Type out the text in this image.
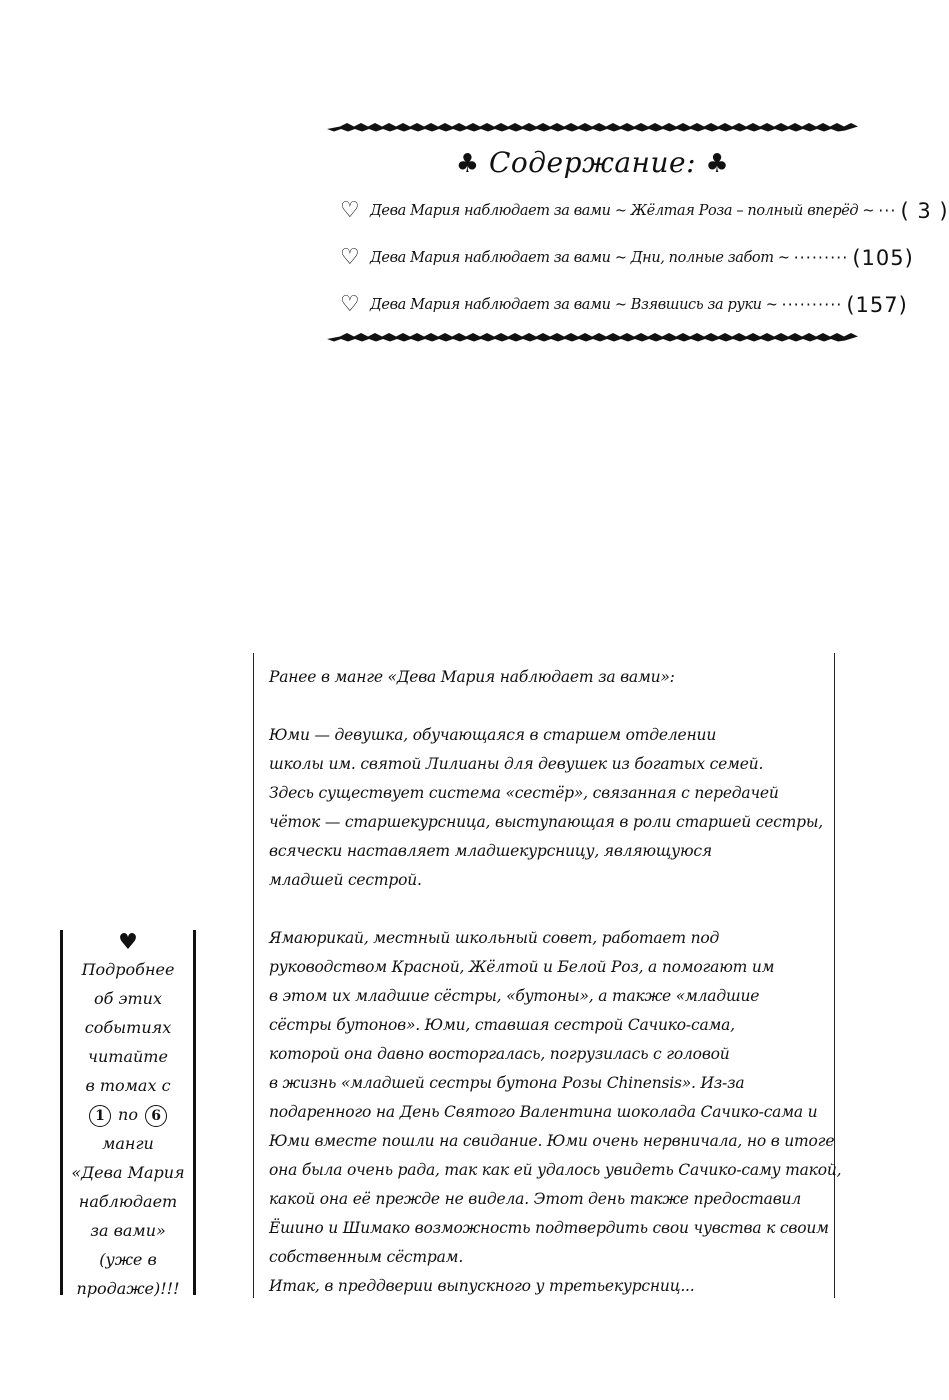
♣ Содержание: ♣
♡ Дева Мария наблюдает за вами ~ Жёлтая Роза – полный вперёд ~ ··· ( 3 )
♡ Дева Мария наблюдает за вами ~ Дни, полные забот ~ ········· (105)
♡ Дева Мария наблюдает за вами ~ Взявшись за руки ~ ·········· (157)
Ранее в манге «Дева Мария наблюдает за вами»:
Юми — девушка, обучающаяся в старшем отделении
школы им. святой Лилианы для девушек из богатых семей.
Здесь существует система «сестёр», связанная с передачей
чёток — старшекурсница, выступающая в роли старшей сестры,
всячески наставляет младшекурсницу, являющуюся
младшей сестрой.
Ямаюрикай, местный школьный совет, работает под
руководством Красной, Жёлтой и Белой Роз, а помогают им
в этом их младшие сёстры, «бутоны», а также «младшие
сёстры бутонов». Юми, ставшая сестрой Сачико-сама,
которой она давно восторгалась, погрузилась с головой
в жизнь «младшей сестры бутона Розы Chinensis». Из-за
подаренного на День Святого Валентина шоколада Сачико-сама и
Юми вместе пошли на свидание. Юми очень нервничала, но в итоге
она была очень рада, так как ей удалось увидеть Сачико-саму такой,
какой она её прежде не видела. Этот день также предоставил
Ёшино и Шимако возможность подтвердить свои чувства к своим
собственным сёстрам.
Итак, в преддверии выпускного у третьекурсниц...
♥
Подробнее
об этих
событиях
читайте
в томах с
1 по 6
манги
«Дева Мария
наблюдает
за вами»
(уже в
продаже)!!!
